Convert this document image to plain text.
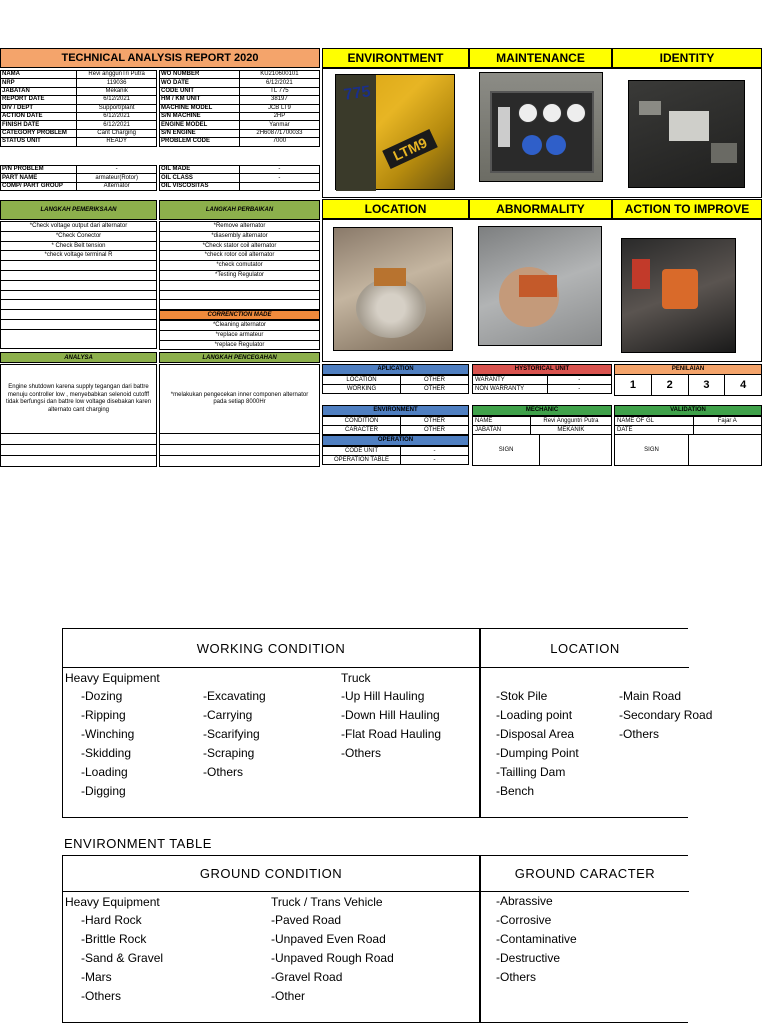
TECHNICAL ANALYSIS REPORT 2020
NAMA	Revi anggunTri Putra
NRP	119036
JABATAN	Mekanik
REPORT DATE	6/12/2021
DIV / DEPT	Support/plant
ACTION DATE	6/12/2021
FINISH DATE	6/12/2021
CATEGORY PROBLEM	Cant Charging
STATUS UNIT	READY
WO NUMBER	KU210600101
WO DATE	6/12/2021
CODE UNIT	TL 775
HM / KM UNIT	38197
MACHINE MODEL	JCB LT9
S/N MACHINE	2HP
ENGINE MODEL	Yanmar
S/N ENGINE	2H6087/1700033
PROBLEM CODE	7000
P/N PROBLEM	-
PART NAME	armateur(Rotor)
COMP/ PART GROUP	Alternator
OIL MADE	-
OIL CLASS	-
OIL VISCOSITAS	
LANGKAH PEMERIKSAAN
*Check voltage output dari alternator
*Check Conector
* Check Belt tension
*check voltage terminal R
LANGKAH PERBAIKAN
*Remove alternator
*diasembly alternator
*Check stator coil alternator
*check rotor coil alternator
*check comutator
*Testing Regulator
CORRENCTION MADE
*Cleaning alternator
*replace armateur
*replace Regulator
ANALYSA
Engine shutdown karena supply tegangan dari battre menuju controller low , menyebabkan selenoid cutofff tidak berfungsi dan battre low voltage disebakan karen alternato cant charging
LANGKAH PENCEGAHAN
*melakukan pengecekan inner componen alternator pada setiap 8000Hr
ENVIRONTMENT	MAINTENANCE	IDENTITY
775
LTM9
LOCATION	ABNORMALITY	ACTION TO IMPROVE
APLICATION
LOCATION	OTHER
WORKING	OTHER
ENVIRONMENT
CONDITION	OTHER
CARACTER	OTHER
OPERATION
CODE UNIT	-
OPERATION TABLE	-
HYSTORICAL UNIT
WARANTY	-
NON WARRANTY	-
PENILAIAN
1	2	3	4
MECHANIC
NAME	Revi Angguntri Putra
JABATAN	MEKANIK
SIGN
VALIDATION
NAME OF GL	Fajar A
DATE	
SIGN
WORKING CONDITION	LOCATION
Heavy Equipment
-Dozing
-Ripping
-Winching
-Skidding
-Loading
-Digging
-Excavating
-Carrying
-Scarifying
-Scraping
-Others
Truck
-Up Hill Hauling
-Down Hill Hauling
-Flat Road Hauling
-Others
-Stok Pile
-Loading point
-Disposal Area
-Dumping Point
-Tailling Dam
-Bench
-Main Road
-Secondary Road
-Others
ENVIRONMENT TABLE
GROUND CONDITION	GROUND CARACTER
Heavy Equipment
-Hard Rock
-Brittle Rock
-Sand & Gravel
-Mars
-Others
Truck / Trans Vehicle
-Paved Road
-Unpaved Even Road
-Unpaved Rough Road
-Gravel Road
-Other
-Abrassive
-Corrosive
-Contaminative
-Destructive
-Others
